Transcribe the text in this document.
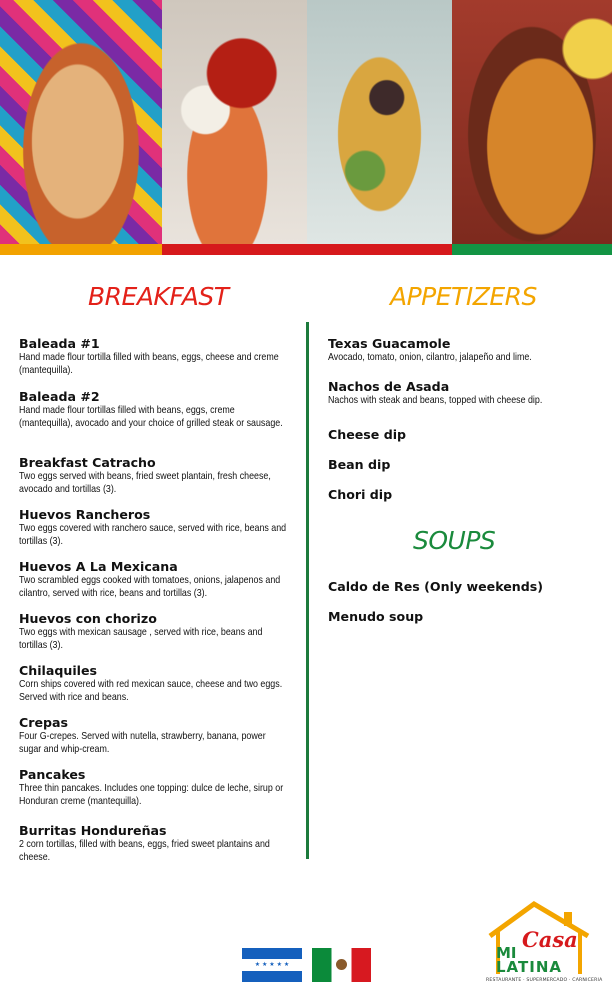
BREAKFAST	APPETIZERS
SOUPS
Baleada #1
Hand made flour tortilla filled with beans, eggs, cheese and creme (mantequilla).
Baleada #2
Hand made flour tortillas filled with beans, eggs, creme (mantequilla), avocado and your choice of grilled steak or sausage.
Breakfast Catracho
Two eggs served with beans, fried sweet plantain, fresh cheese, avocado and tortillas (3).
Huevos Rancheros
Two eggs covered with ranchero sauce, served with rice, beans and tortillas (3).
Huevos A La Mexicana
Two scrambled eggs cooked with tomatoes, onions, jalapenos and cilantro, served with rice, beans and tortillas (3).
Huevos con chorizo
Two eggs with mexican sausage , served with rice, beans and tortillas (3).
Chilaquiles
Corn ships covered with red mexican sauce, cheese and two eggs. Served with rice and beans.
Crepas
Four G-crepes. Served with nutella, strawberry, banana, power sugar and whip-cream.
Pancakes
Three thin pancakes. Includes one topping: dulce de leche, sirup or Honduran creme (mantequilla).
Burritas Hondureñas
2 corn tortillas, filled with beans, eggs, fried sweet plantains and cheese.
Texas Guacamole
Avocado, tomato, onion, cilantro, jalapeño and lime.
Nachos de Asada
Nachos with steak and beans, topped with cheese dip.
Cheese dip
Bean dip
Chori dip
Caldo de Res (Only weekends)
Menudo soup
★ ★ ★ ★ ★
MI
Casa
LATINA
RESTAURANTE · SUPERMERCADO · CARNICERIA
